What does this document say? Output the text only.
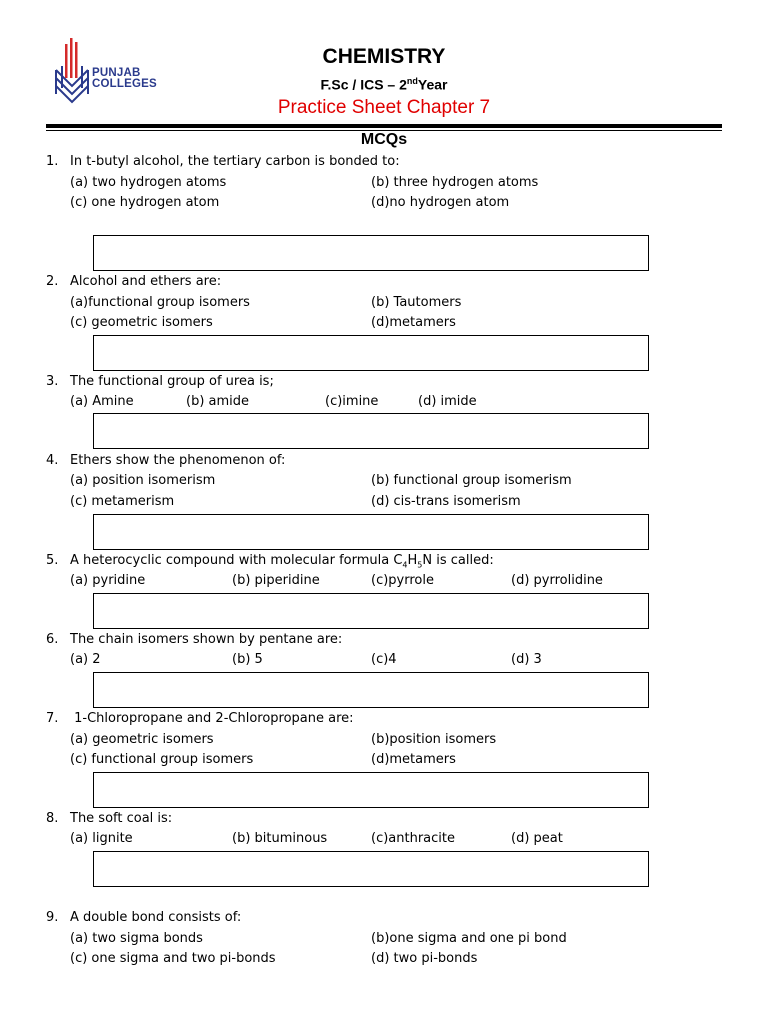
PUNJAB
COLLEGES
CHEMISTRY
F.Sc / ICS – 2ndYear
Practice Sheet Chapter 7
MCQs
1. In t-butyl alcohol, the tertiary carbon is bonded to:
(a) two hydrogen atoms	(b) three hydrogen atoms
(c) one hydrogen atom	(d)no hydrogen atom
2. Alcohol and ethers are:
(a)functional group isomers	(b) Tautomers
(c) geometric isomers	(d)metamers
3. The functional group of urea is;
(a) Amine	(b) amide	(c)imine	(d) imide
4. Ethers show the phenomenon of:
(a) position isomerism	(b) functional group isomerism
(c) metamerism	(d) cis-trans isomerism
5. A heterocyclic compound with molecular formula $C_4H_5N$ is called:
(a) pyridine	(b) piperidine	(c)pyrrole	(d) pyrrolidine
6. The chain isomers shown by pentane are:
(a) 2	(b) 5	(c)4	(d) 3
7. 1-Chloropropane and 2-Chloropropane are:
(a) geometric isomers	(b)position isomers
(c) functional group isomers	(d)metamers
8. The soft coal is:
(a) lignite	(b) bituminous	(c)anthracite	(d) peat
9. A double bond consists of:
(a) two sigma bonds	(b)one sigma and one pi bond
(c) one sigma and two pi-bonds	(d) two pi-bonds
